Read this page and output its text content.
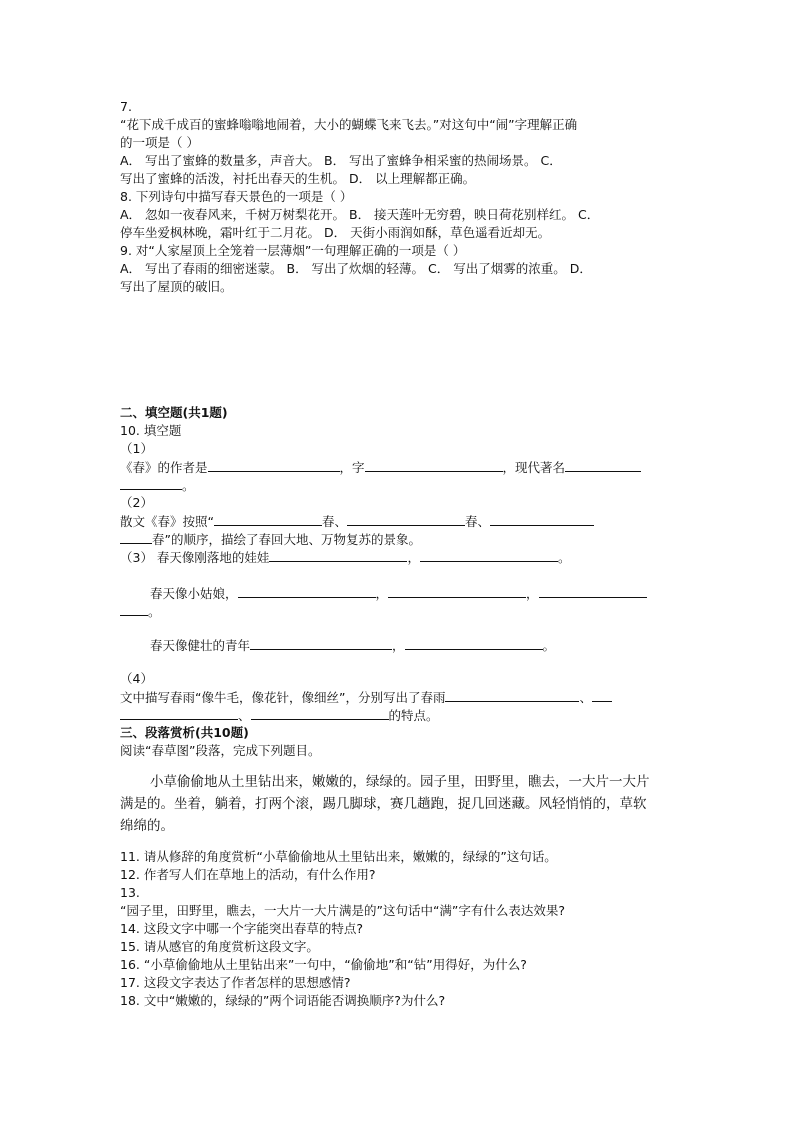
7.
“花下成千成百的蜜蜂嗡嗡地闹着，大小的蝴蝶飞来飞去。”对这句中“闹”字理解正确
的一项是（ ）
A． 写出了蜜蜂的数量多，声音大。 B． 写出了蜜蜂争相采蜜的热闹场景。 C．
写出了蜜蜂的活泼，衬托出春天的生机。 D． 以上理解都正确。
8. 下列诗句中描写春天景色的一项是（ ）
A． 忽如一夜春风来，千树万树梨花开。 B． 接天莲叶无穷碧，映日荷花别样红。 C．
停车坐爱枫林晚，霜叶红于二月花。 D． 天街小雨润如酥，草色遥看近却无。
9. 对“人家屋顶上全笼着一层薄烟”一句理解正确的一项是（ ）
A． 写出了春雨的细密迷蒙。 B． 写出了炊烟的轻薄。 C． 写出了烟雾的浓重。 D．
写出了屋顶的破旧。
二、填空题(共1题)
10. 填空题
（1）
《春》的作者是	，字	，现代著名
。
（2）
散文《春》按照“	春、	春、
春”的顺序，描绘了春回大地、万物复苏的景象。
（3） 春天像刚落地的娃娃	，	。
春天像小姑娘，	，	，
。
春天像健壮的青年	，	。
（4）
文中描写春雨“像牛毛，像花针，像细丝”，分别写出了春雨	、
、	的特点。
三、段落赏析(共10题)
阅读“春草图”段落，完成下列题目。
小草偷偷地从土里钻出来，嫩嫩的，绿绿的。园子里，田野里，瞧去，一大片一大片
满是的。坐着，躺着，打两个滚，踢几脚球，赛几趟跑，捉几回迷藏。风轻悄悄的，草软
绵绵的。
11. 请从修辞的角度赏析“小草偷偷地从土里钻出来，嫩嫩的，绿绿的”这句话。
12. 作者写人们在草地上的活动，有什么作用?
13.
“园子里，田野里，瞧去，一大片一大片满是的”这句话中“满”字有什么表达效果?
14. 这段文字中哪一个字能突出春草的特点?
15. 请从感官的角度赏析这段文字。
16. “小草偷偷地从土里钻出来”一句中，“偷偷地”和“钻”用得好，为什么?
17. 这段文字表达了作者怎样的思想感情?
18. 文中“嫩嫩的，绿绿的”两个词语能否调换顺序?为什么?
